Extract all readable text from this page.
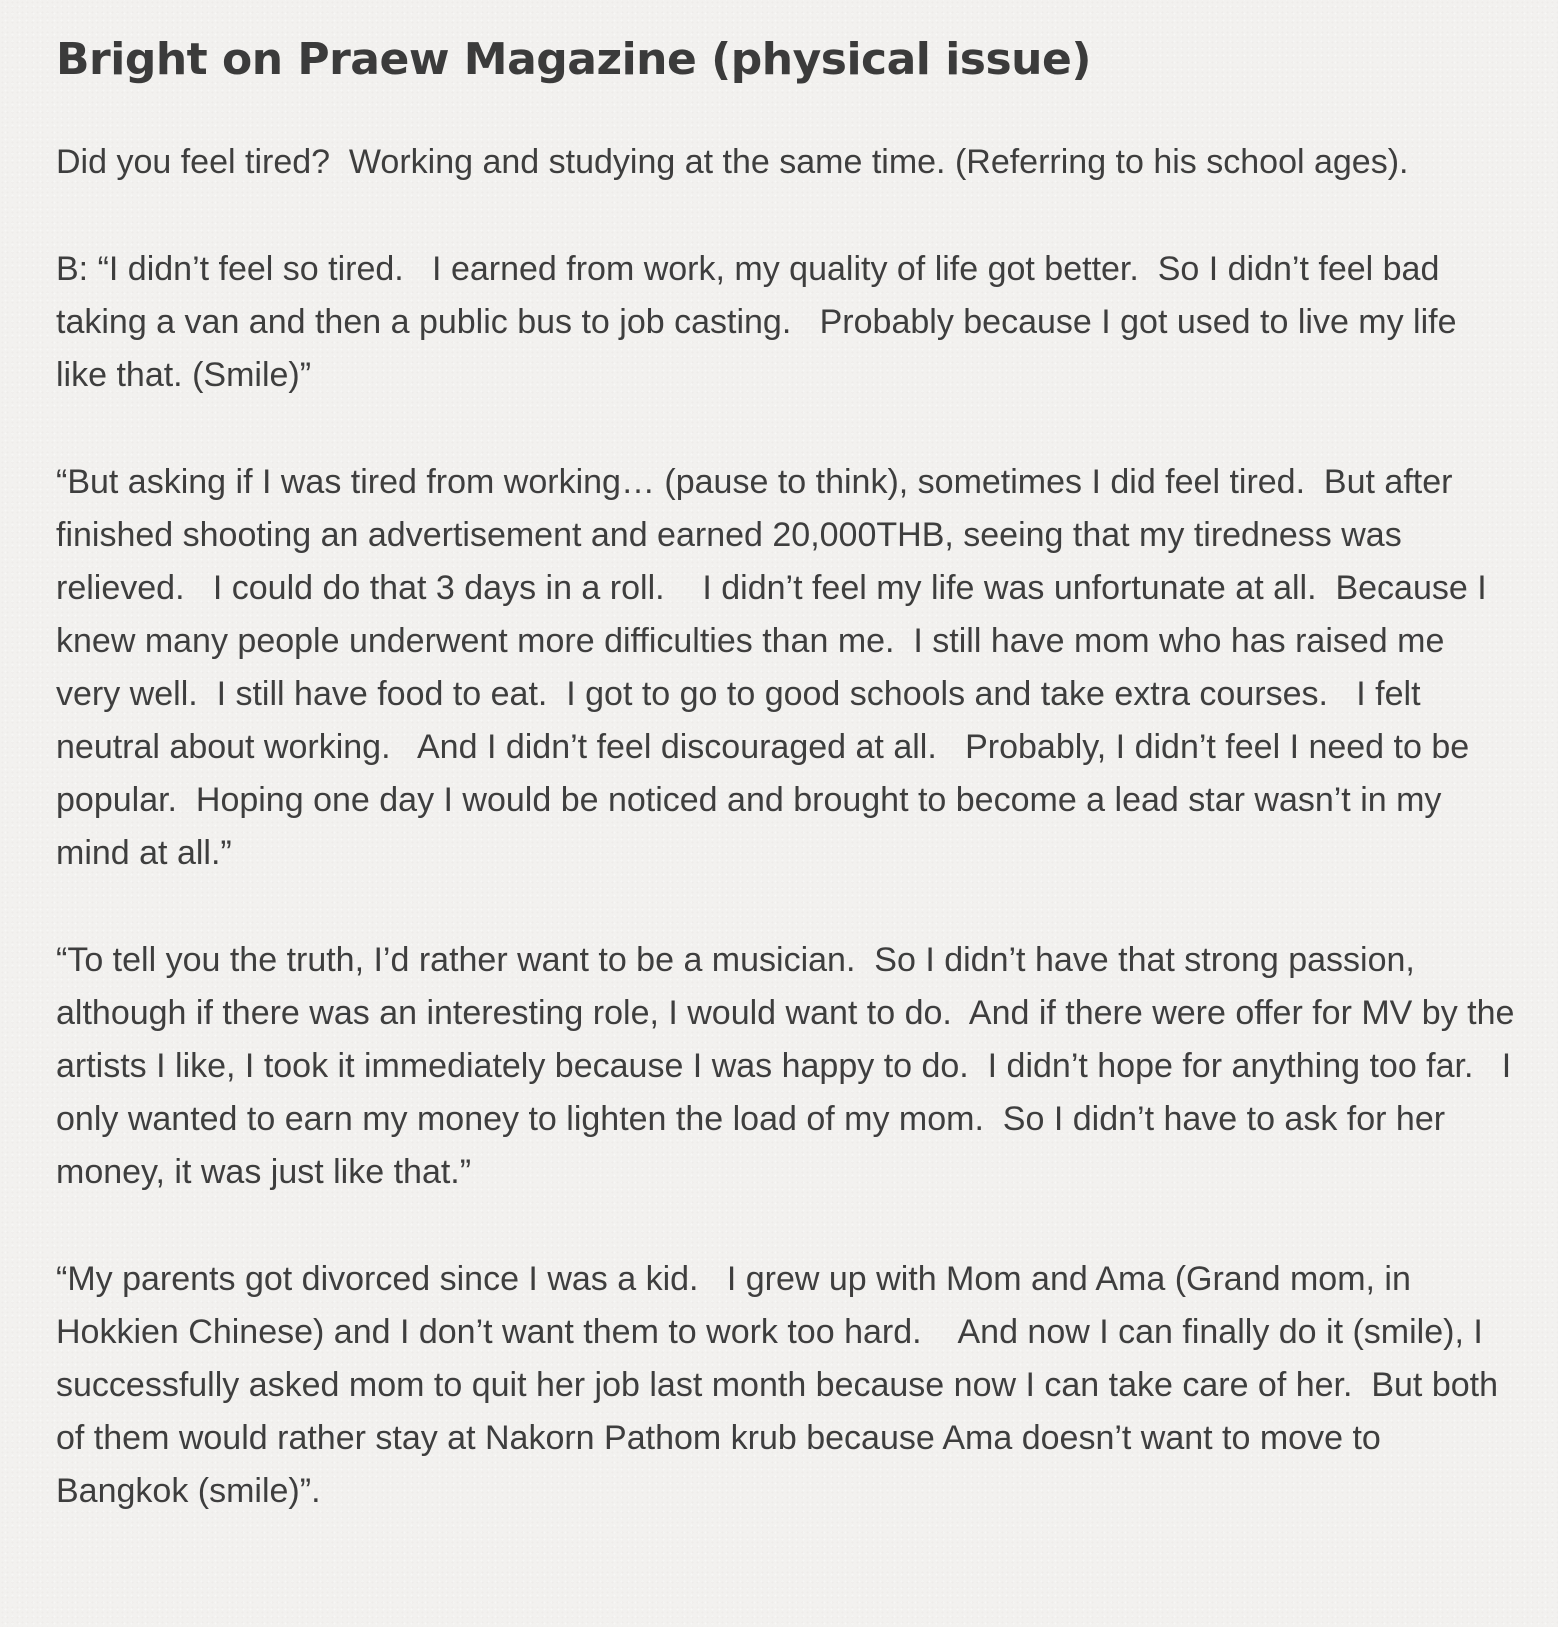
Bright on Praew Magazine (physical issue)

Did you feel tired?  Working and studying at the same time. (Referring to his school ages).

B: “I didn’t feel so tired.   I earned from work, my quality of life got better.  So I didn’t feel bad taking a van and then a public bus to job casting.   Probably because I got used to live my life like that. (Smile)”

“But asking if I was tired from working… (pause to think), sometimes I did feel tired.  But after finished shooting an advertisement and earned 20,000THB, seeing that my tiredness was relieved.   I could do that 3 days in a roll.    I didn’t feel my life was unfortunate at all.  Because I knew many people underwent more difficulties than me.  I still have mom who has raised me very well.  I still have food to eat.  I got to go to good schools and take extra courses.   I felt neutral about working.   And I didn’t feel discouraged at all.   Probably, I didn’t feel I need to be popular.  Hoping one day I would be noticed and brought to become a lead star wasn’t in my mind at all.”

“To tell you the truth, I’d rather want to be a musician.  So I didn’t have that strong passion, although if there was an interesting role, I would want to do.  And if there were offer for MV by the artists I like, I took it immediately because I was happy to do.  I didn’t hope for anything too far.   I only wanted to earn my money to lighten the load of my mom.  So I didn’t have to ask for her money, it was just like that.”

“My parents got divorced since I was a kid.   I grew up with Mom and Ama (Grand mom, in Hokkien Chinese) and I don’t want them to work too hard.    And now I can finally do it (smile), I successfully asked mom to quit her job last month because now I can take care of her.  But both of them would rather stay at Nakorn Pathom krub because Ama doesn’t want to move to Bangkok (smile)”.
